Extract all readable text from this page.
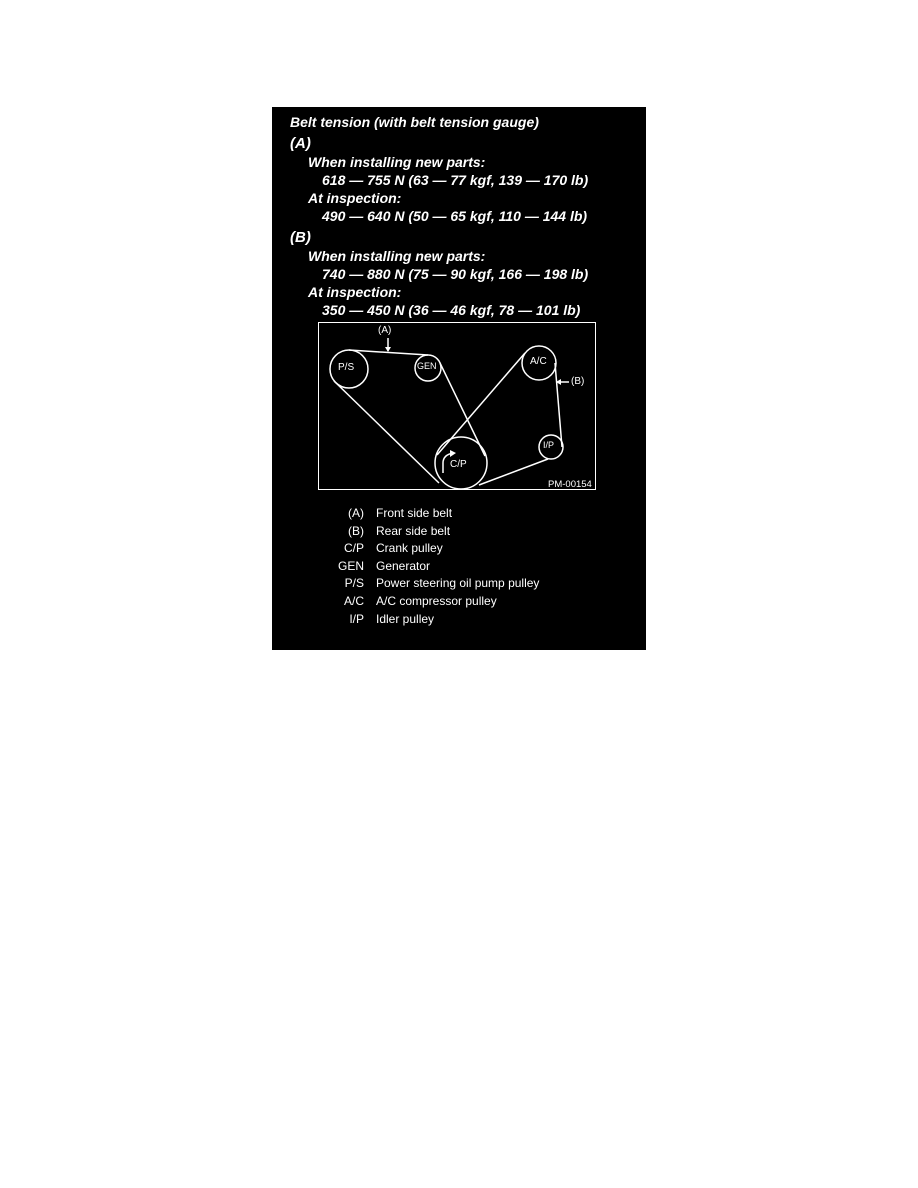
Belt tension (with belt tension gauge)
(A)
When installing new parts:
618 — 755 N (63 — 77 kgf, 139 — 170 lb)
At inspection:
490 — 640 N (50 — 65 kgf, 110 — 144 lb)
(B)
When installing new parts:
740 — 880 N (75 — 90 kgf, 166 — 198 lb)
At inspection:
350 — 450 N (36 — 46 kgf, 78 — 101 lb)
(A)
(B)
P/S	GEN	A/C
I/P
C/P
PM-00154
(A) Front side belt
(B) Rear side belt
C/P Crank pulley
GEN Generator
P/S Power steering oil pump pulley
A/C A/C compressor pulley
I/P Idler pulley
